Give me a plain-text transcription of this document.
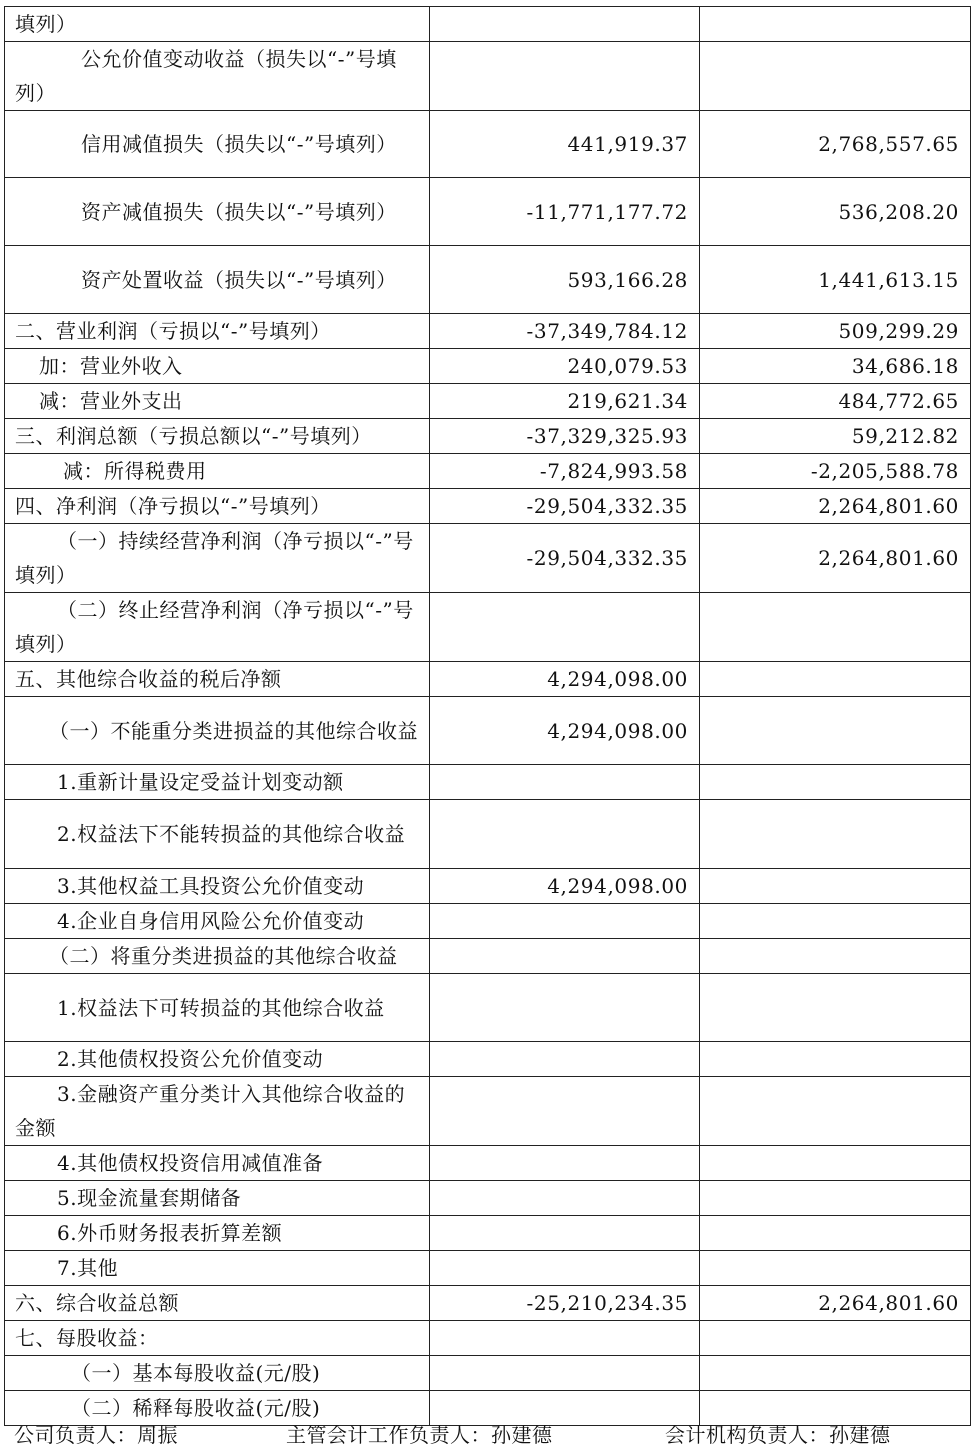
填列）		
公允价值变动收益（损失以“-”号填列）		
信用减值损失（损失以“-”号填列）	441,919.37	2,768,557.65
资产减值损失（损失以“-”号填列）	-11,771,177.72	536,208.20
资产处置收益（损失以“-”号填列）	593,166.28	1,441,613.15
二、营业利润（亏损以“-”号填列）	-37,349,784.12	509,299.29
加：营业外收入	240,079.53	34,686.18
减：营业外支出	219,621.34	484,772.65
三、利润总额（亏损总额以“-”号填列）	-37,329,325.93	59,212.82
减：所得税费用	-7,824,993.58	-2,205,588.78
四、净利润（净亏损以“-”号填列）	-29,504,332.35	2,264,801.60
（一）持续经营净利润（净亏损以“-”号填列）	-29,504,332.35	2,264,801.60
（二）终止经营净利润（净亏损以“-”号填列）		
五、其他综合收益的税后净额	4,294,098.00	
（一）不能重分类进损益的其他综合收益	4,294,098.00	
1.重新计量设定受益计划变动额		
2.权益法下不能转损益的其他综合收益		
3.其他权益工具投资公允价值变动	4,294,098.00	
4.企业自身信用风险公允价值变动		
（二）将重分类进损益的其他综合收益		
1.权益法下可转损益的其他综合收益		
2.其他债权投资公允价值变动		
3.金融资产重分类计入其他综合收益的金额		
4.其他债权投资信用减值准备		
5.现金流量套期储备		
6.外币财务报表折算差额		
7.其他		
六、综合收益总额	-25,210,234.35	2,264,801.60
七、每股收益：		
（一）基本每股收益(元/股)		
（二）稀释每股收益(元/股)		
公司负责人：周振	主管会计工作负责人：孙建德	会计机构负责人：孙建德
